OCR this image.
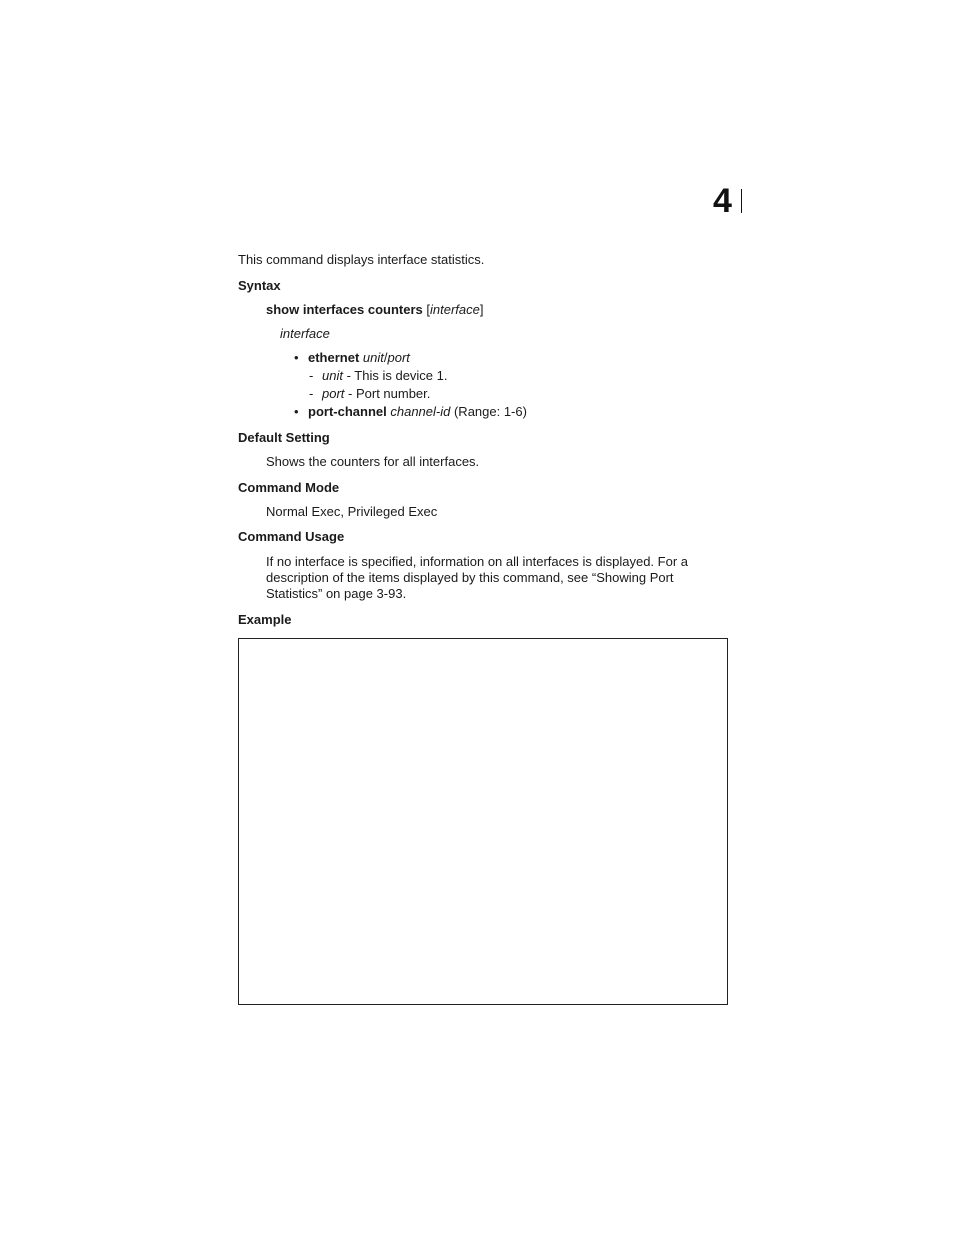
4
This command displays interface statistics.
Syntax
show interfaces counters [interface]
interface
• ethernet unit/port
- unit - This is device 1.
- port - Port number.
• port-channel channel-id (Range: 1-6)
Default Setting
Shows the counters for all interfaces.
Command Mode
Normal Exec, Privileged Exec
Command Usage
If no interface is specified, information on all interfaces is displayed. For a
description of the items displayed by this command, see “Showing Port
Statistics” on page 3-93.
Example
